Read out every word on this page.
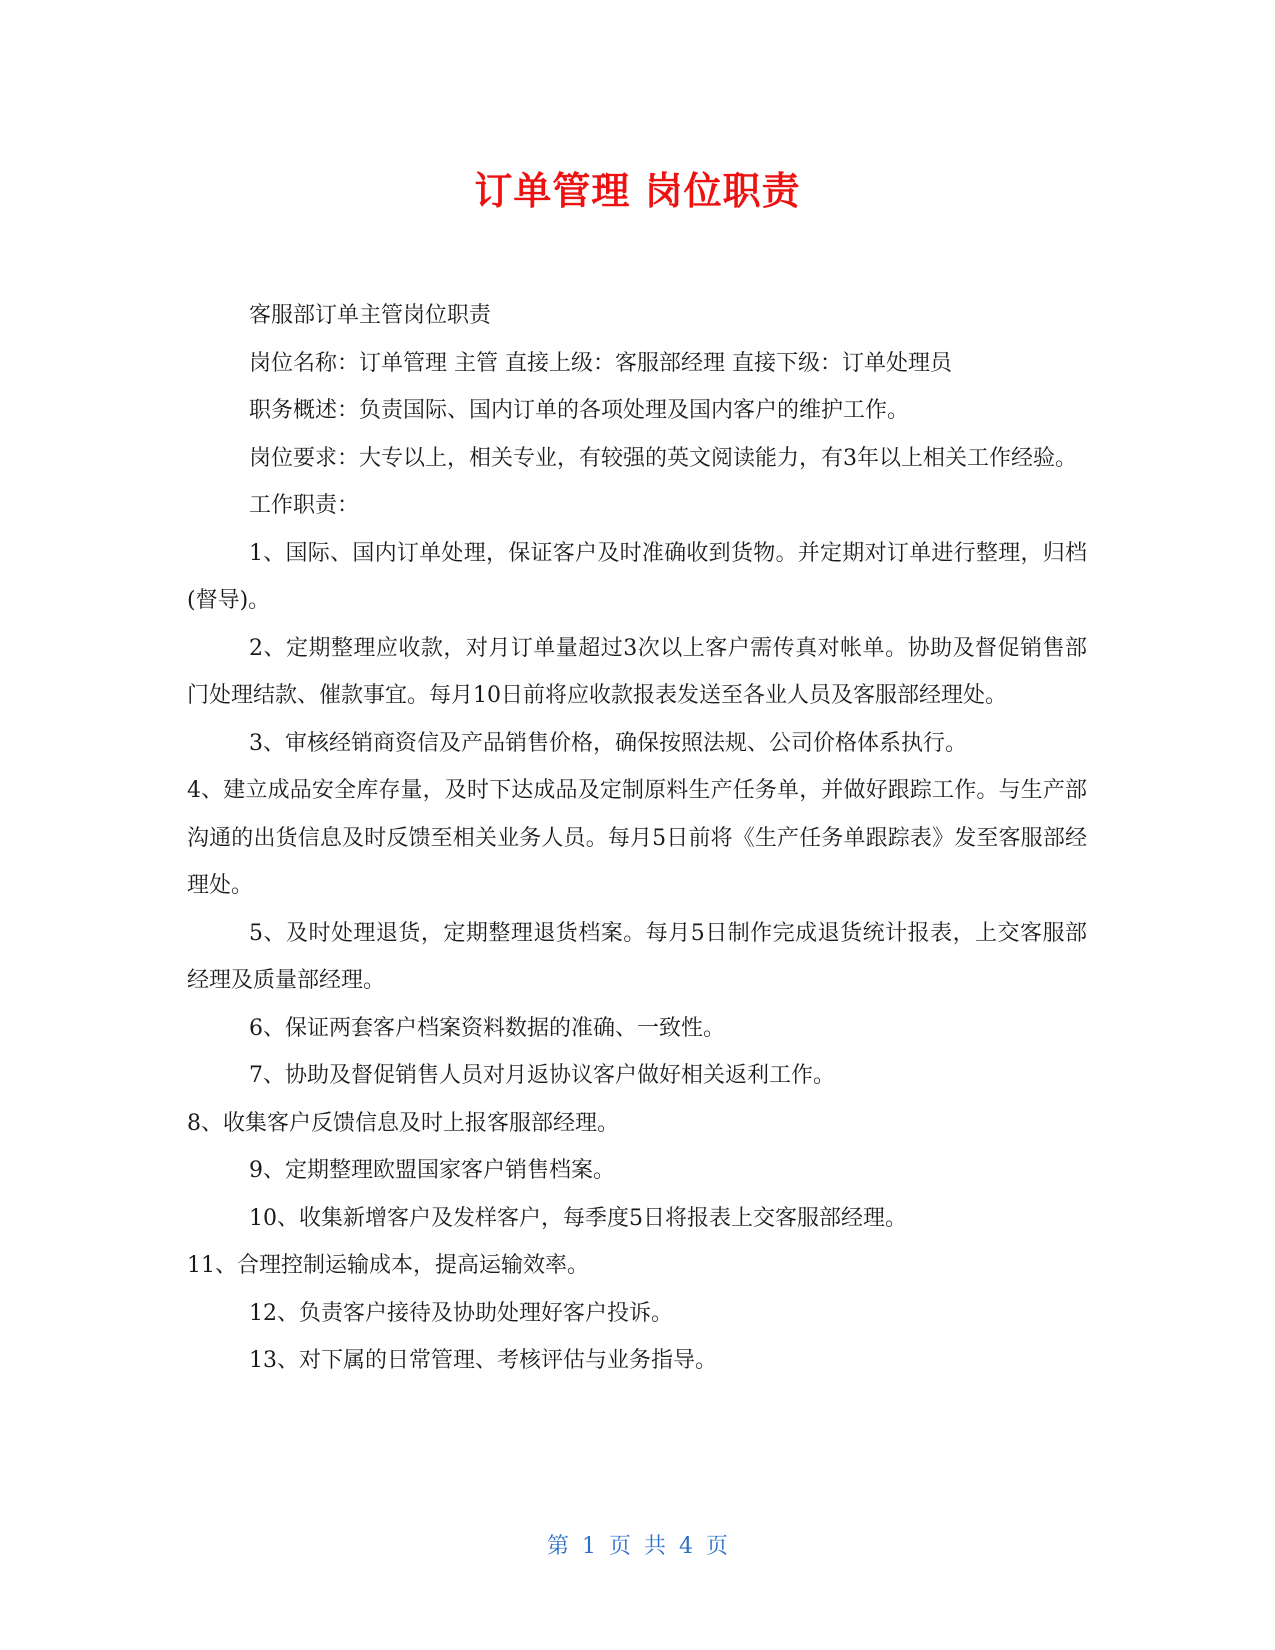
订单管理 岗位职责

客服部订单主管岗位职责

岗位名称：订单管理 主管 直接上级：客服部经理 直接下级：订单处理员

职务概述：负责国际、国内订单的各项处理及国内客户的维护工作。

岗位要求：大专以上，相关专业，有较强的英文阅读能力，有3年以上相关工作经验。

工作职责：

1、国际、国内订单处理，保证客户及时准确收到货物。并定期对订单进行整理，归档(督导)。

2、定期整理应收款，对月订单量超过3次以上客户需传真对帐单。协助及督促销售部门处理结款、催款事宜。每月10日前将应收款报表发送至各业人员及客服部经理处。

3、审核经销商资信及产品销售价格，确保按照法规、公司价格体系执行。

4、建立成品安全库存量，及时下达成品及定制原料生产任务单，并做好跟踪工作。与生产部沟通的出货信息及时反馈至相关业务人员。每月5日前将《生产任务单跟踪表》发至客服部经理处。

5、及时处理退货，定期整理退货档案。每月5日制作完成退货统计报表，上交客服部经理及质量部经理。

6、保证两套客户档案资料数据的准确、一致性。

7、协助及督促销售人员对月返协议客户做好相关返利工作。

8、收集客户反馈信息及时上报客服部经理。

9、定期整理欧盟国家客户销售档案。

10、收集新增客户及发样客户，每季度5日将报表上交客服部经理。

11、合理控制运输成本，提高运输效率。

12、负责客户接待及协助处理好客户投诉。

13、对下属的日常管理、考核评估与业务指导。

第 1 页 共 4 页
